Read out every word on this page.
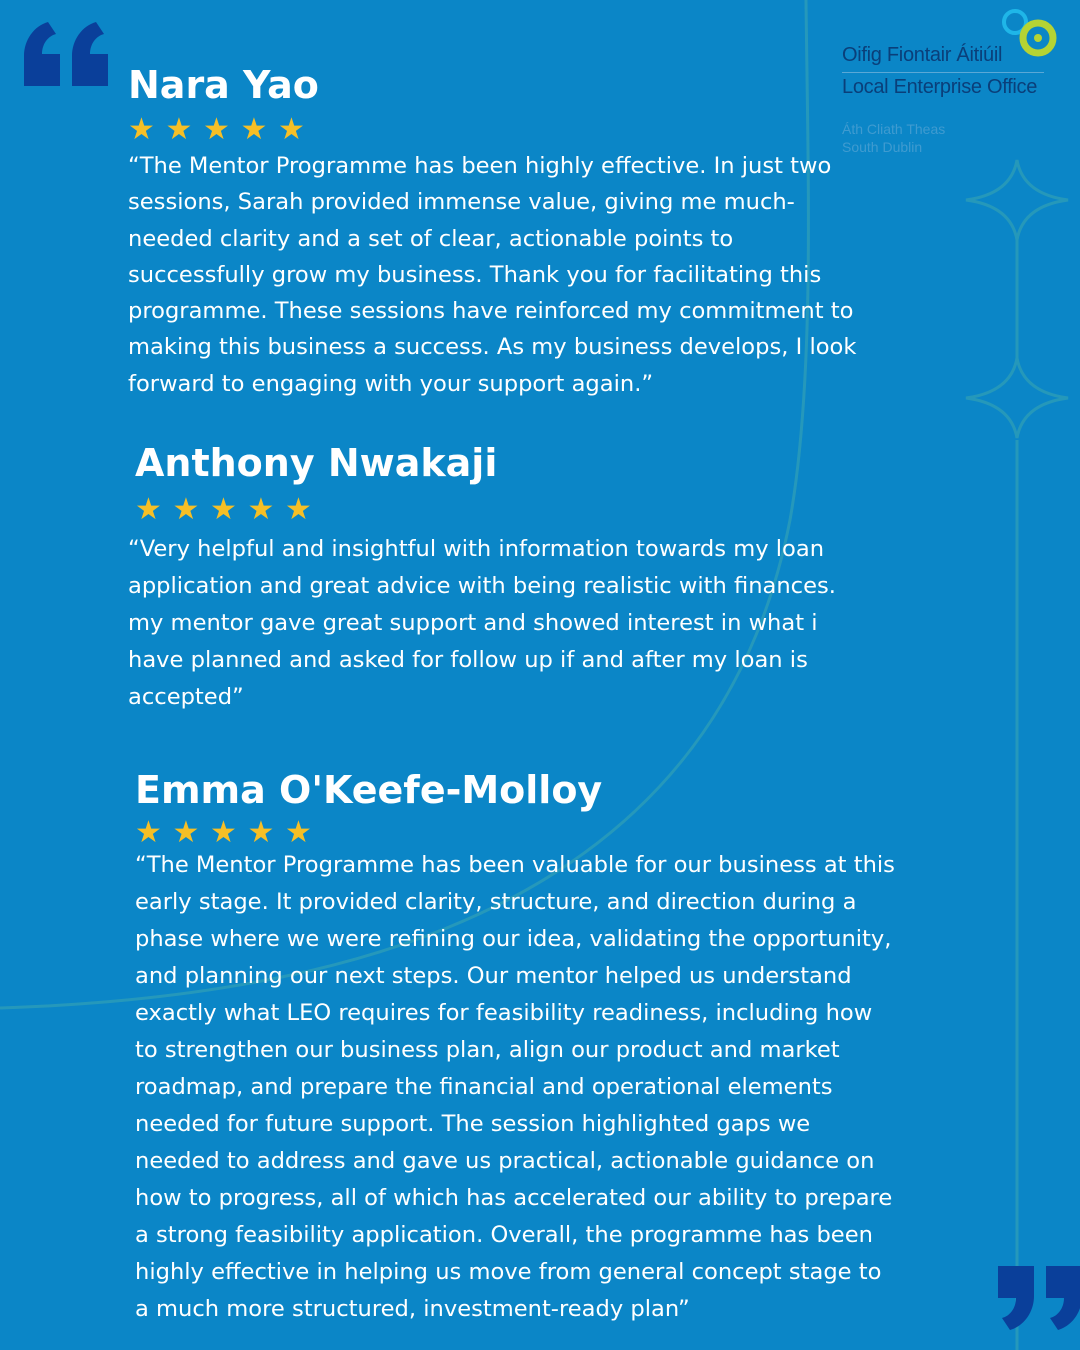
Oifig Fiontair Áitiúil
Local Enterprise Office
Áth Cliath Theas
South Dublin
Nara Yao
★ ★ ★ ★ ★
“The Mentor Programme has been highly effective. In just two
sessions, Sarah provided immense value, giving me much-
needed clarity and a set of clear, actionable points to
successfully grow my business. Thank you for facilitating this
programme. These sessions have reinforced my commitment to
making this business a success. As my business develops, I look
forward to engaging with your support again.”
Anthony Nwakaji
★ ★ ★ ★ ★
“Very helpful and insightful with information towards my loan
application and great advice with being realistic with finances.
my mentor gave great support and showed interest in what i
have planned and asked for follow up if and after my loan is
accepted”
Emma O'Keefe-Molloy
★ ★ ★ ★ ★
“The Mentor Programme has been valuable for our business at this
early stage. It provided clarity, structure, and direction during a
phase where we were refining our idea, validating the opportunity,
and planning our next steps. Our mentor helped us understand
exactly what LEO requires for feasibility readiness, including how
to strengthen our business plan, align our product and market
roadmap, and prepare the financial and operational elements
needed for future support. The session highlighted gaps we
needed to address and gave us practical, actionable guidance on
how to progress, all of which has accelerated our ability to prepare
a strong feasibility application. Overall, the programme has been
highly effective in helping us move from general concept stage to
a much more structured, investment-ready plan”
